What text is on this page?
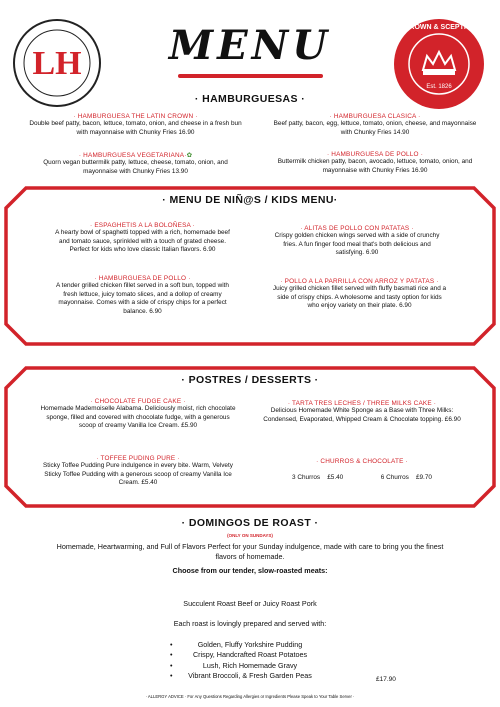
LH	MENU	CROWN & SCEPTRE
Est. 1826
· HAMBURGUESAS ·
· HAMBURGUESA THE LATIN CROWN ·
Double beef patty, bacon, lettuce, tomato, onion, and cheese in a fresh bun with mayonnaise with Chunky Fries 16.90
· HAMBURGUESA CLASICA ·
Beef patty, bacon, egg, lettuce, tomato, onion, cheese, and mayonnaise with Chunky Fries 14.90
· HAMBURGUESA VEGETARIANA·✿
Quorn vegan buttermilk patty, lettuce, cheese, tomato, onion, and mayonnaise with Chunky Fries 13.90
· HAMBURGUESA DE POLLO ·
Buttermilk chicken patty, bacon, avocado, lettuce, tomato, onion, and mayonnaise with Chunky Fries 16.90
· MENU DE NIÑ@S / KIDS MENU·
· ESPAGHETIS A LA BOLOÑESA ·
A hearty bowl of spaghetti topped with a rich, homemade beef and tomato sauce, sprinkled with a touch of grated cheese. Perfect for kids who love classic Italian flavors. 6.90
· ALITAS DE POLLO CON PATATAS ·
Crispy golden chicken wings served with a side of crunchy fries. A fun finger food meal that's both delicious and satisfying. 6.90
· HAMBURGUESA DE POLLO ·
A tender grilled chicken fillet served in a soft bun, topped with fresh lettuce, juicy tomato slices, and a dollop of creamy mayonnaise. Comes with a side of crispy chips for a perfect balance. 6.90
· POLLO A LA PARRILLA CON ARROZ Y PATATAS ·
Juicy grilled chicken fillet served with fluffy basmati rice and a side of crispy chips. A wholesome and tasty option for kids who enjoy variety on their plate. 6.90
· POSTRES / DESSERTS ·
· CHOCOLATE FUDGE CAKE ·
Homemade Mademoiselle Alabama. Deliciously moist, rich chocolate sponge, filled and covered with chocolate fudge, with a generous scoop of creamy Vanilla Ice Cream. £5.90
· TARTA TRES LECHES / THREE MILKS CAKE ·
Delicious Homemade White Sponge as a Base with Three Milks: Condensed, Evaporated, Whipped Cream & Chocolate topping. £6.90
· TOFFEE PUDING PURE ·
Sticky Toffee Pudding Pure indulgence in every bite. Warm, Velvety Sticky Toffee Pudding with a generous scoop of creamy Vanilla Ice Cream. £5.40
· CHURROS & CHOCOLATE ·
3 Churros £5.40	6 Churros £9.70
· DOMINGOS DE ROAST ·
(ONLY ON SUNDAYS)
Homemade, Heartwarming, and Full of Flavors Perfect for your Sunday indulgence, made with care to bring you the finest flavors of homemade.
Choose from our tender, slow-roasted meats:
Succulent Roast Beef or Juicy Roast Pork
Each roast is lovingly prepared and served with:
•	Golden, Fluffy Yorkshire Pudding
•	Crispy, Handcrafted Roast Potatoes
•	Lush, Rich Homemade Gravy
•	Vibrant Broccoli, & Fresh Garden Peas	£17.90
· ALLERGY ADVICE · For Any Questions Regarding Allergies or Ingredients Please Speak to Your Table Server ·
